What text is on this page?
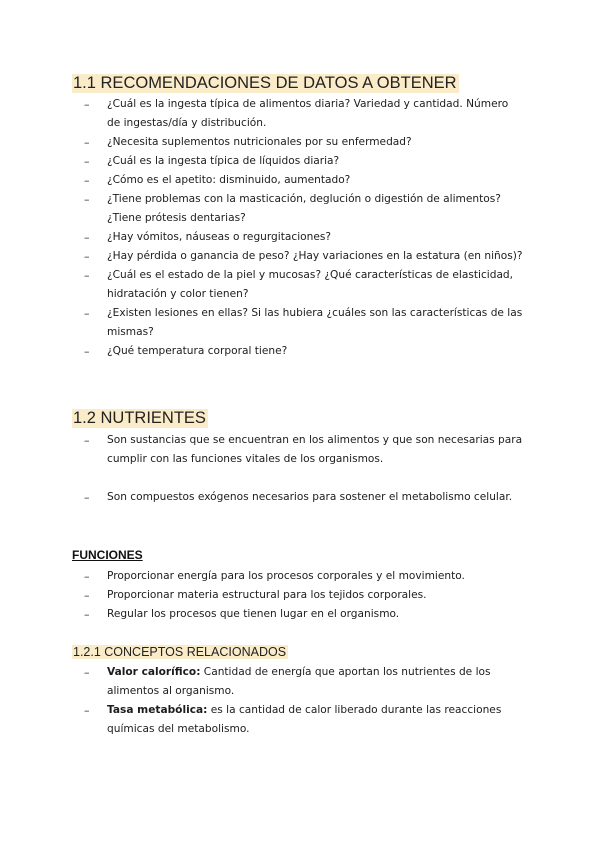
1.1 RECOMENDACIONES DE DATOS A OBTENER
– ¿Cuál es la ingesta típica de alimentos diaria? Variedad y cantidad. Número de ingestas/día y distribución.
– ¿Necesita suplementos nutricionales por su enfermedad?
– ¿Cuál es la ingesta típica de líquidos diaria?
– ¿Cómo es el apetito: disminuido, aumentado?
– ¿Tiene problemas con la masticación, deglución o digestión de alimentos? ¿Tiene prótesis dentarias?
– ¿Hay vómitos, náuseas o regurgitaciones?
– ¿Hay pérdida o ganancia de peso? ¿Hay variaciones en la estatura (en niños)?
– ¿Cuál es el estado de la piel y mucosas? ¿Qué características de elasticidad, hidratación y color tienen?
– ¿Existen lesiones en ellas? Si las hubiera ¿cuáles son las características de las mismas?
– ¿Qué temperatura corporal tiene?
1.2 NUTRIENTES
– Son sustancias que se encuentran en los alimentos y que son necesarias para cumplir con las funciones vitales de los organismos.
– Son compuestos exógenos necesarios para sostener el metabolismo celular.
FUNCIONES
– Proporcionar energía para los procesos corporales y el movimiento.
– Proporcionar materia estructural para los tejidos corporales.
– Regular los procesos que tienen lugar en el organismo.
1.2.1 CONCEPTOS RELACIONADOS
– Valor calorífico: Cantidad de energía que aportan los nutrientes de los alimentos al organismo.
– Tasa metabólica: es la cantidad de calor liberado durante las reacciones químicas del metabolismo.
